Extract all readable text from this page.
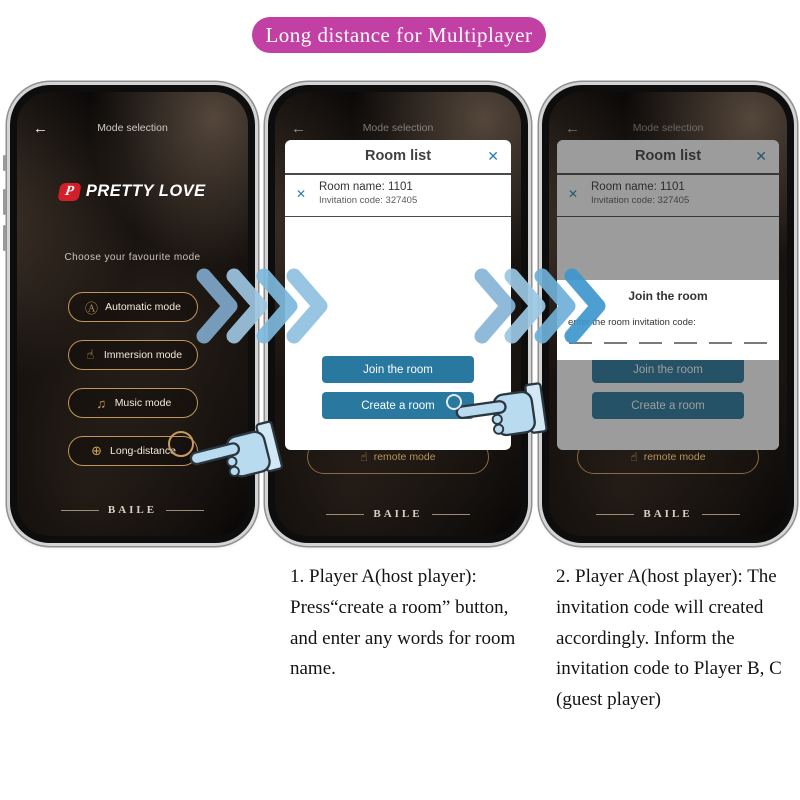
Long distance for Multiplayer
←	Mode selection
P PRETTY LOVE
Choose your favourite mode
Ⓐ Automatic mode
☝ Immersion mode
♫ Music mode
⊕ Long-distance
BAILE
←	Mode selection
☝ remote mode
BAILE
Room list	✕
✕ Room name: 1101
Invitation code: 327405
Join the room
Create a room
←	Mode selection
☝ remote mode
BAILE
Room list	✕
✕ Room name: 1101
Invitation code: 327405
Join the room
Create a room
Join the room
enter the room invitation code:
1. Player A(host player): Press“create a room” button, and enter any words for room name.
2. Player A(host player): The invitation code will created accordingly. Inform the invitation code to Player B, C (guest player)
